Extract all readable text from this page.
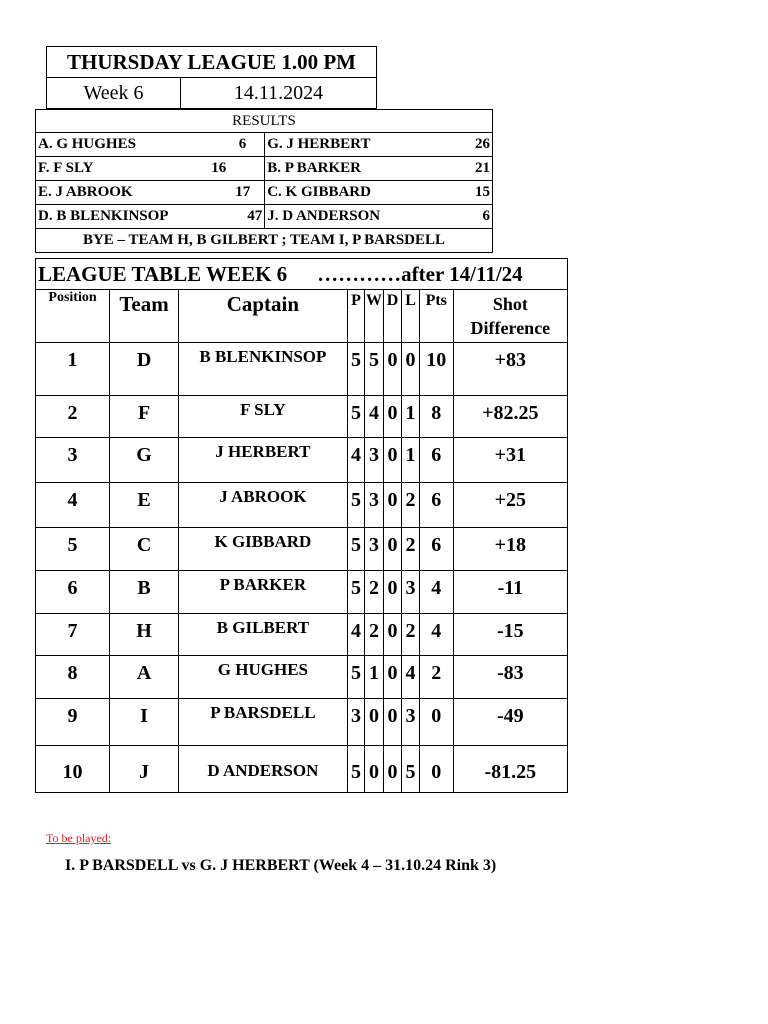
THURSDAY LEAGUE 1.00 PM
Week 6	14.11.2024
RESULTS	

A. G HUGHES 6	G. J HERBERT 26

F. F SLY 16	B. P BARKER 21

E. J ABROOK 17	C. K GIBBARD 15

D. B BLENKINSOP 47	J. D ANDERSON 6

BYE – TEAM H, B GILBERT ; TEAM I, P BARSDELL	
LEAGUE TABLE WEEK 6 …………after 14/11/24								
Position	Team	Captain	P	W	D	L	Pts	Shot Difference
1	D	B BLENKINSOP	5	5	0	0	10	+83
2	F	F SLY	5	4	0	1	8	+82.25
3	G	J HERBERT	4	3	0	1	6	+31
4	E	J ABROOK	5	3	0	2	6	+25
5	C	K GIBBARD	5	3	0	2	6	+18
6	B	P BARKER	5	2	0	3	4	-11
7	H	B GILBERT	4	2	0	2	4	-15
8	A	G HUGHES	5	1	0	4	2	-83
9	I	P BARSDELL	3	0	0	3	0	-49
10	J	D ANDERSON	5	0	0	5	0	-81.25
To be played:
I. P BARSDELL vs G. J HERBERT (Week 4 – 31.10.24 Rink 3)
